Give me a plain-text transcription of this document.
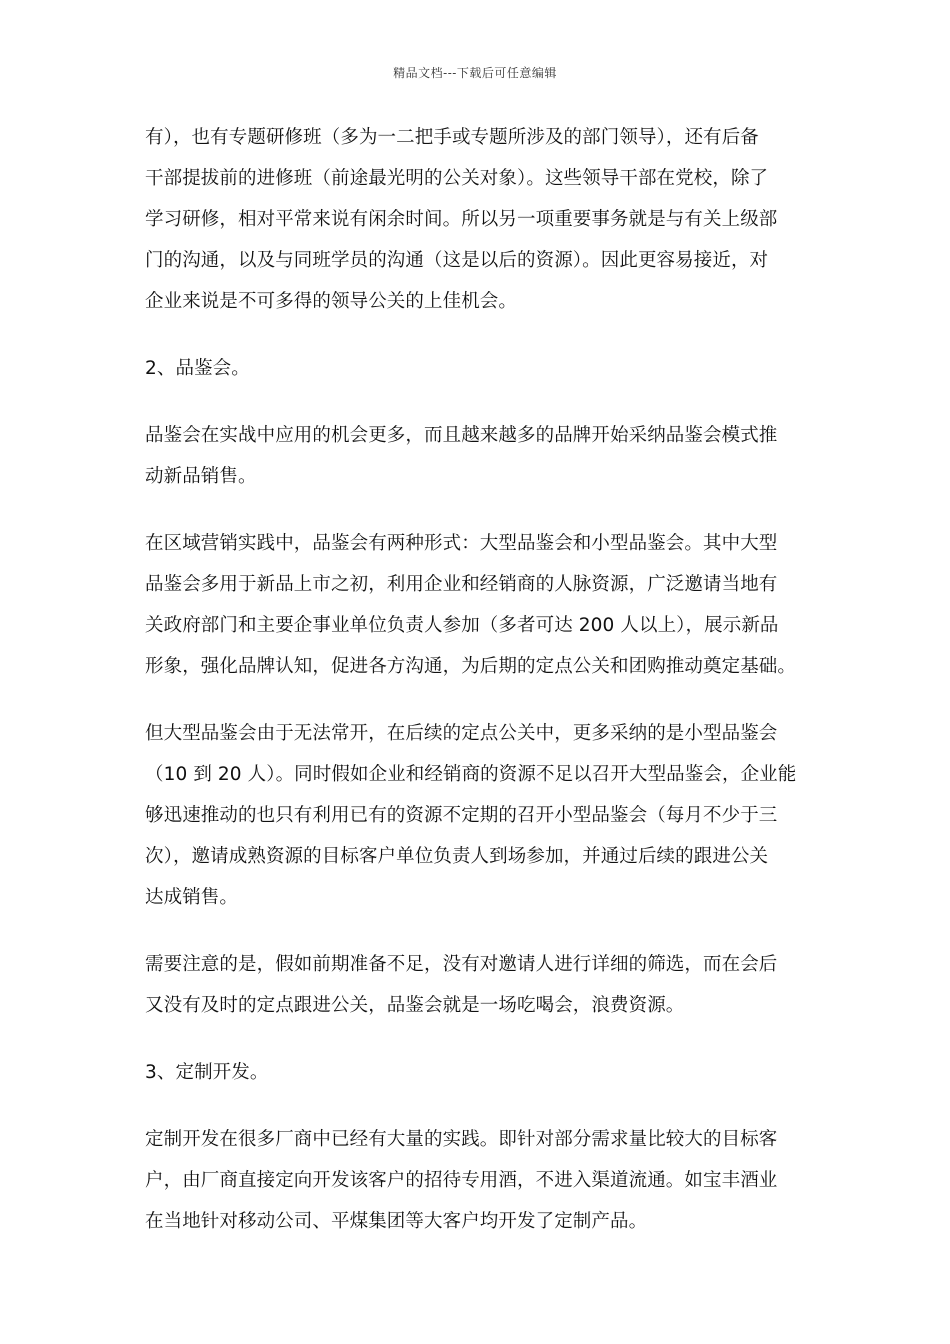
精品文档---下载后可任意编辑

有），也有专题研修班（多为一二把手或专题所涉及的部门领导），还有后备
干部提拔前的进修班（前途最光明的公关对象）。这些领导干部在党校，除了
学习研修，相对平常来说有闲余时间。所以另一项重要事务就是与有关上级部
门的沟通，以及与同班学员的沟通（这是以后的资源）。因此更容易接近，对
企业来说是不可多得的领导公关的上佳机会。

2、品鉴会。

品鉴会在实战中应用的机会更多，而且越来越多的品牌开始采纳品鉴会模式推
动新品销售。

在区域营销实践中，品鉴会有两种形式：大型品鉴会和小型品鉴会。其中大型
品鉴会多用于新品上市之初，利用企业和经销商的人脉资源，广泛邀请当地有
关政府部门和主要企事业单位负责人参加（多者可达 200 人以上），展示新品
形象，强化品牌认知，促进各方沟通，为后期的定点公关和团购推动奠定基础。

但大型品鉴会由于无法常开，在后续的定点公关中，更多采纳的是小型品鉴会
（10 到 20 人）。同时假如企业和经销商的资源不足以召开大型品鉴会，企业能
够迅速推动的也只有利用已有的资源不定期的召开小型品鉴会（每月不少于三
次），邀请成熟资源的目标客户单位负责人到场参加，并通过后续的跟进公关
达成销售。

需要注意的是，假如前期准备不足，没有对邀请人进行详细的筛选，而在会后
又没有及时的定点跟进公关，品鉴会就是一场吃喝会，浪费资源。

3、定制开发。

定制开发在很多厂商中已经有大量的实践。即针对部分需求量比较大的目标客
户，由厂商直接定向开发该客户的招待专用酒，不进入渠道流通。如宝丰酒业
在当地针对移动公司、平煤集团等大客户均开发了定制产品。
